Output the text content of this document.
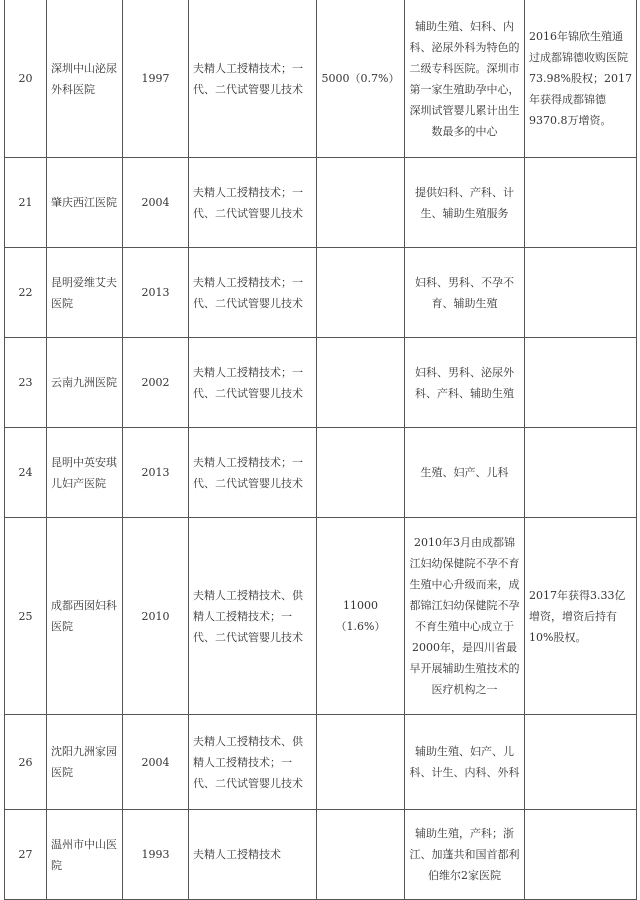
20	深圳中山泌尿外科医院	1997	夫精人工授精技术；一代、二代试管婴儿技术	5000（0.7%）	辅助生殖、妇科、内科、泌尿外科为特色的二级专科医院。深圳市第一家生殖助孕中心，深圳试管婴儿累计出生数最多的中心	2016年锦欣生殖通过成都锦德收购医院73.98%股权；2017年获得成都锦德9370.8万增资。
21	肇庆西江医院	2004	夫精人工授精技术；一代、二代试管婴儿技术		提供妇科、产科、计生、辅助生殖服务	
22	昆明爱维艾夫医院	2013	夫精人工授精技术；一代、二代试管婴儿技术		妇科、男科、不孕不育、辅助生殖	
23	云南九洲医院	2002	夫精人工授精技术；一代、二代试管婴儿技术		妇科、男科、泌尿外科、产科、辅助生殖	
24	昆明中英安琪儿妇产医院	2013	夫精人工授精技术；一代、二代试管婴儿技术		生殖、妇产、儿科	
25	成都西囡妇科医院	2010	夫精人工授精技术、供精人工授精技术；一代、二代试管婴儿技术	11000（1.6%）	2010年3月由成都锦江妇幼保健院不孕不育生殖中心升级而来，成都锦江妇幼保健院不孕不育生殖中心成立于2000年，是四川省最早开展辅助生殖技术的医疗机构之一	2017年获得3.33亿增资，增资后持有10%股权。
26	沈阳九洲家园医院	2004	夫精人工授精技术、供精人工授精技术；一代、二代试管婴儿技术		辅助生殖、妇产、儿科、计生、内科、外科	
27	温州市中山医院	1993	夫精人工授精技术		辅助生殖，产科；浙江、加蓬共和国首都利伯维尔2家医院	
